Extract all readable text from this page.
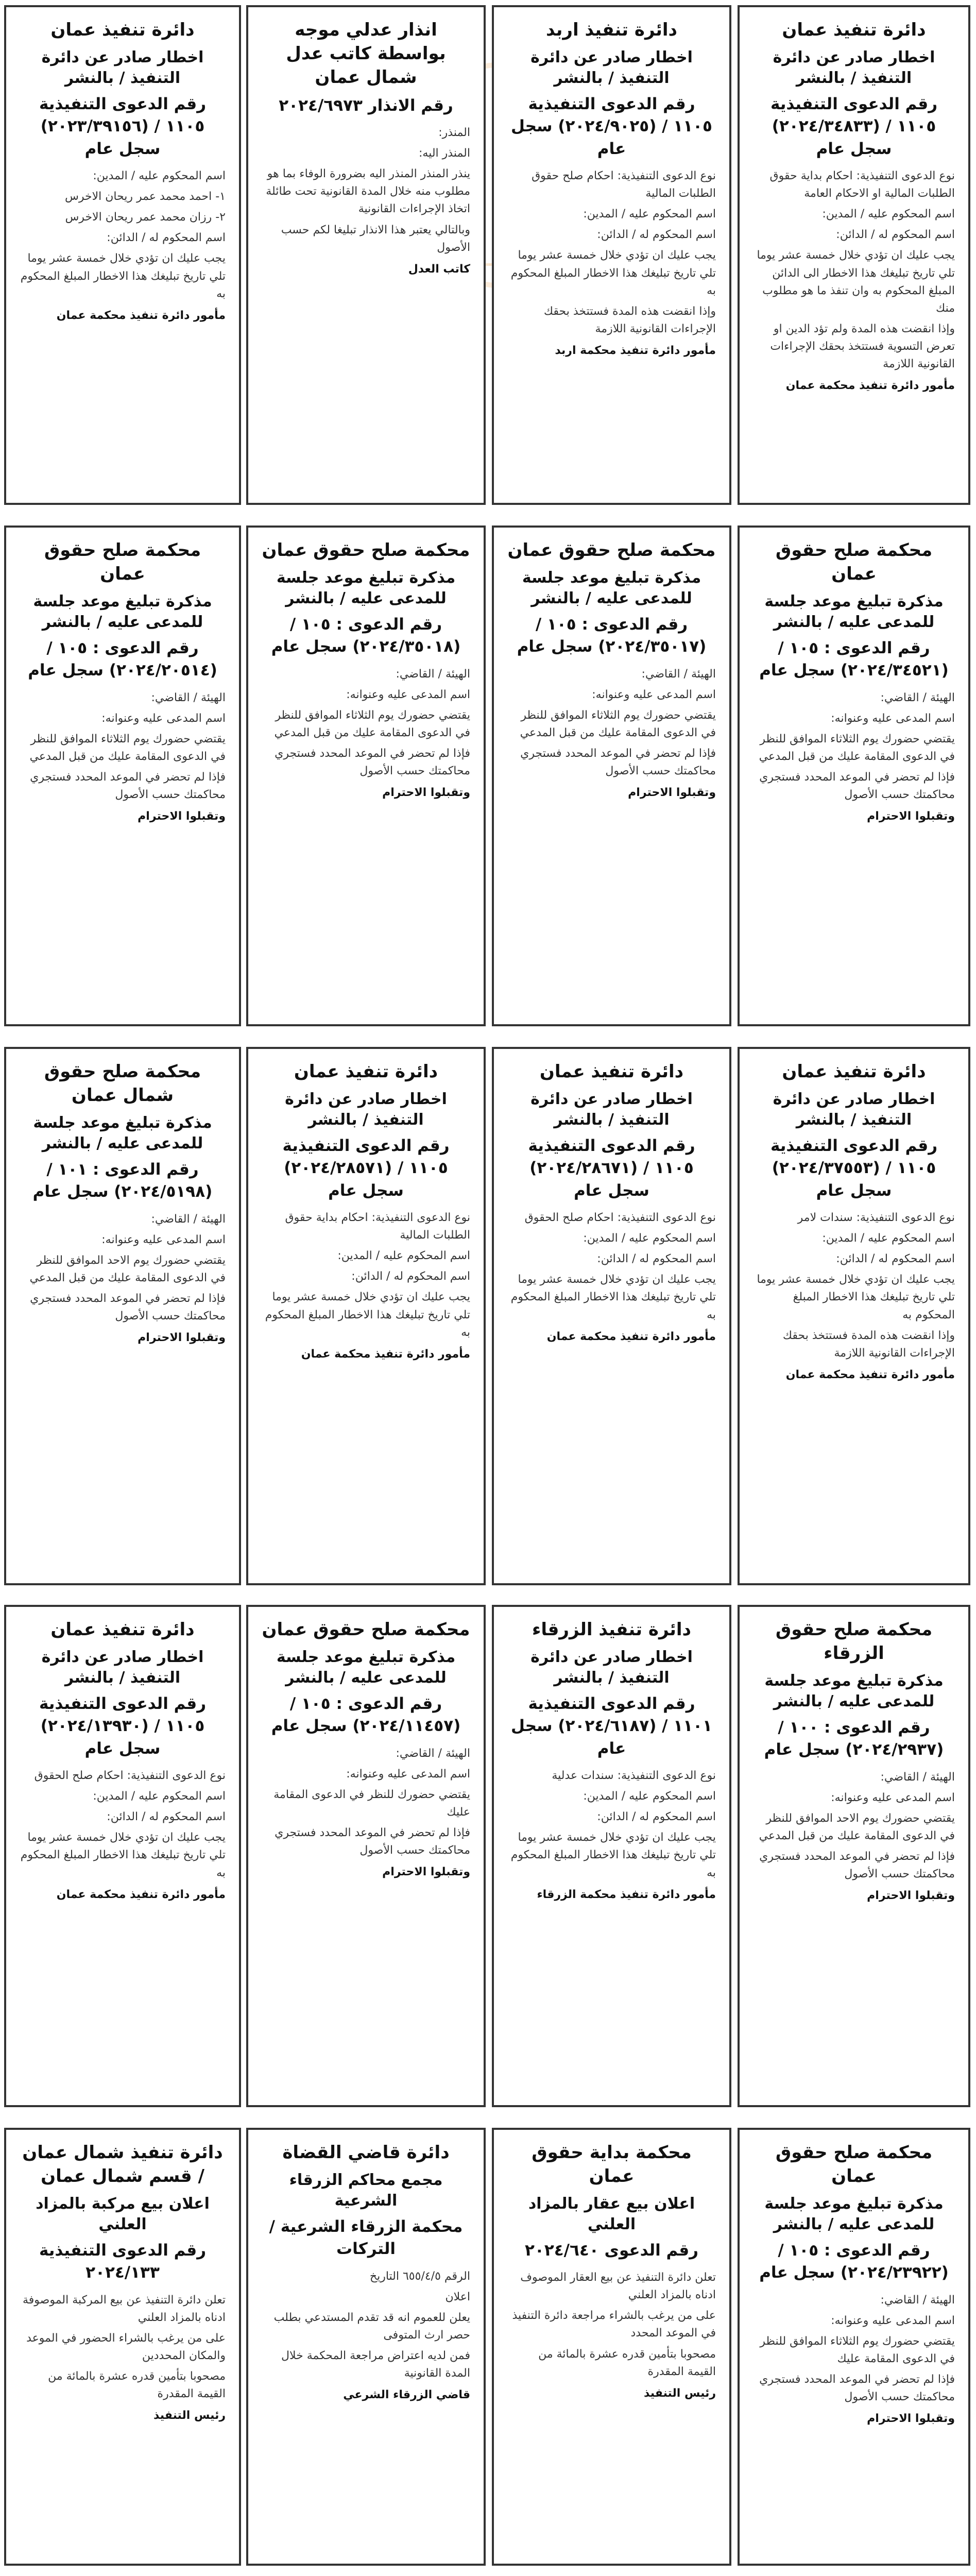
دائرة تنفيذ عمان
اخطار صادر عن دائرة التنفيذ / بالنشر
رقم الدعوى التنفيذية ١١٠٥ / (٢٠٢٤/٣٤٨٣٣) سجل عام

نوع الدعوى التنفيذية: احكام بداية حقوق الطلبات المالية او الاحكام العامة

اسم المحكوم عليه / المدين:

اسم المحكوم له / الدائن:

يجب عليك ان تؤدي خلال خمسة عشر يوما تلي تاريخ تبليغك هذا الاخطار الى الدائن المبلغ المحكوم به وان تنفذ ما هو مطلوب منك

وإذا انقضت هذه المدة ولم تؤد الدين او تعرض التسوية فستتخذ بحقك الإجراءات القانونية اللازمة

مأمور دائرة تنفيذ محكمة عمان
دائرة تنفيذ اربد
اخطار صادر عن دائرة التنفيذ / بالنشر
رقم الدعوى التنفيذية ١١٠٥ / (٢٠٢٤/٩٠٢٥) سجل عام

نوع الدعوى التنفيذية: احكام صلح حقوق الطلبات المالية

اسم المحكوم عليه / المدين:

اسم المحكوم له / الدائن:

يجب عليك ان تؤدي خلال خمسة عشر يوما تلي تاريخ تبليغك هذا الاخطار المبلغ المحكوم به

وإذا انقضت هذه المدة فستتخذ بحقك الإجراءات القانونية اللازمة

مأمور دائرة تنفيذ محكمة اربد
انذار عدلي موجه بواسطة كاتب عدل شمال عمان
رقم الانذار ٢٠٢٤/٦٩٧٣

المنذر:

المنذر اليه:

ينذر المنذر المنذر اليه بضرورة الوفاء بما هو مطلوب منه خلال المدة القانونية تحت طائلة اتخاذ الإجراءات القانونية

وبالتالي يعتبر هذا الانذار تبليغا لكم حسب الأصول

كاتب العدل
دائرة تنفيذ عمان
اخطار صادر عن دائرة التنفيذ / بالنشر
رقم الدعوى التنفيذية ١١٠٥ / (٢٠٢٣/٣٩١٥٦) سجل عام

اسم المحكوم عليه / المدين:

١- احمد محمد عمر ريحان الاخرس

٢- رزان محمد عمر ريحان الاخرس

اسم المحكوم له / الدائن:

يجب عليك ان تؤدي خلال خمسة عشر يوما تلي تاريخ تبليغك هذا الاخطار المبلغ المحكوم به

مأمور دائرة تنفيذ محكمة عمان
محكمة صلح حقوق عمان
مذكرة تبليغ موعد جلسة للمدعى عليه / بالنشر
رقم الدعوى : ١٠٥ / (٢٠٢٤/٣٤٥٢١) سجل عام

الهيئة / القاضي:

اسم المدعى عليه وعنوانه:

يقتضي حضورك يوم الثلاثاء الموافق للنظر في الدعوى المقامة عليك من قبل المدعي

فإذا لم تحضر في الموعد المحدد فستجري محاكمتك حسب الأصول

وتقبلوا الاحترام
محكمة صلح حقوق عمان
مذكرة تبليغ موعد جلسة للمدعى عليه / بالنشر
رقم الدعوى : ١٠٥ / (٢٠٢٤/٣٥٠١٧) سجل عام

الهيئة / القاضي:

اسم المدعى عليه وعنوانه:

يقتضي حضورك يوم الثلاثاء الموافق للنظر في الدعوى المقامة عليك من قبل المدعي

فإذا لم تحضر في الموعد المحدد فستجري محاكمتك حسب الأصول

وتقبلوا الاحترام
محكمة صلح حقوق عمان
مذكرة تبليغ موعد جلسة للمدعى عليه / بالنشر
رقم الدعوى : ١٠٥ / (٢٠٢٤/٣٥٠١٨) سجل عام

الهيئة / القاضي:

اسم المدعى عليه وعنوانه:

يقتضي حضورك يوم الثلاثاء الموافق للنظر في الدعوى المقامة عليك من قبل المدعي

فإذا لم تحضر في الموعد المحدد فستجري محاكمتك حسب الأصول

وتقبلوا الاحترام
محكمة صلح حقوق عمان
مذكرة تبليغ موعد جلسة للمدعى عليه / بالنشر
رقم الدعوى : ١٠٥ / (٢٠٢٤/٢٠٥١٤) سجل عام

الهيئة / القاضي:

اسم المدعى عليه وعنوانه:

يقتضي حضورك يوم الثلاثاء الموافق للنظر في الدعوى المقامة عليك من قبل المدعي

فإذا لم تحضر في الموعد المحدد فستجري محاكمتك حسب الأصول

وتقبلوا الاحترام
دائرة تنفيذ عمان
اخطار صادر عن دائرة التنفيذ / بالنشر
رقم الدعوى التنفيذية ١١٠٥ / (٢٠٢٤/٣٧٥٥٣) سجل عام

نوع الدعوى التنفيذية: سندات لامر

اسم المحكوم عليه / المدين:

اسم المحكوم له / الدائن:

يجب عليك ان تؤدي خلال خمسة عشر يوما تلي تاريخ تبليغك هذا الاخطار المبلغ المحكوم به

وإذا انقضت هذه المدة فستتخذ بحقك الإجراءات القانونية اللازمة

مأمور دائرة تنفيذ محكمة عمان
دائرة تنفيذ عمان
اخطار صادر عن دائرة التنفيذ / بالنشر
رقم الدعوى التنفيذية ١١٠٥ / (٢٠٢٤/٢٨٦٧١) سجل عام

نوع الدعوى التنفيذية: احكام صلح الحقوق

اسم المحكوم عليه / المدين:

اسم المحكوم له / الدائن:

يجب عليك ان تؤدي خلال خمسة عشر يوما تلي تاريخ تبليغك هذا الاخطار المبلغ المحكوم به

مأمور دائرة تنفيذ محكمة عمان
دائرة تنفيذ عمان
اخطار صادر عن دائرة التنفيذ / بالنشر
رقم الدعوى التنفيذية ١١٠٥ / (٢٠٢٤/٢٨٥٧١) سجل عام

نوع الدعوى التنفيذية: احكام بداية حقوق الطلبات المالية

اسم المحكوم عليه / المدين:

اسم المحكوم له / الدائن:

يجب عليك ان تؤدي خلال خمسة عشر يوما تلي تاريخ تبليغك هذا الاخطار المبلغ المحكوم به

مأمور دائرة تنفيذ محكمة عمان
محكمة صلح حقوق شمال عمان
مذكرة تبليغ موعد جلسة للمدعى عليه / بالنشر
رقم الدعوى : ١٠١ / (٢٠٢٤/٥١٩٨) سجل عام

الهيئة / القاضي:

اسم المدعى عليه وعنوانه:

يقتضي حضورك يوم الاحد الموافق للنظر في الدعوى المقامة عليك من قبل المدعي

فإذا لم تحضر في الموعد المحدد فستجري محاكمتك حسب الأصول

وتقبلوا الاحترام
محكمة صلح حقوق الزرقاء
مذكرة تبليغ موعد جلسة للمدعى عليه / بالنشر
رقم الدعوى : ١٠٠ / (٢٠٢٤/٢٩٣٧) سجل عام

الهيئة / القاضي:

اسم المدعى عليه وعنوانه:

يقتضي حضورك يوم الاحد الموافق للنظر في الدعوى المقامة عليك من قبل المدعي

فإذا لم تحضر في الموعد المحدد فستجري محاكمتك حسب الأصول

وتقبلوا الاحترام
دائرة تنفيذ الزرقاء
اخطار صادر عن دائرة التنفيذ / بالنشر
رقم الدعوى التنفيذية ١١٠١ / (٢٠٢٤/٦١٨٧) سجل عام

نوع الدعوى التنفيذية: سندات عدلية

اسم المحكوم عليه / المدين:

اسم المحكوم له / الدائن:

يجب عليك ان تؤدي خلال خمسة عشر يوما تلي تاريخ تبليغك هذا الاخطار المبلغ المحكوم به

مأمور دائرة تنفيذ محكمة الزرقاء
محكمة صلح حقوق عمان
مذكرة تبليغ موعد جلسة للمدعى عليه / بالنشر
رقم الدعوى : ١٠٥ / (٢٠٢٤/١١٤٥٧) سجل عام

الهيئة / القاضي:

اسم المدعى عليه وعنوانه:

يقتضي حضورك للنظر في الدعوى المقامة عليك

فإذا لم تحضر في الموعد المحدد فستجري محاكمتك حسب الأصول

وتقبلوا الاحترام
دائرة تنفيذ عمان
اخطار صادر عن دائرة التنفيذ / بالنشر
رقم الدعوى التنفيذية ١١٠٥ / (٢٠٢٤/١٣٩٣٠) سجل عام

نوع الدعوى التنفيذية: احكام صلح الحقوق

اسم المحكوم عليه / المدين:

اسم المحكوم له / الدائن:

يجب عليك ان تؤدي خلال خمسة عشر يوما تلي تاريخ تبليغك هذا الاخطار المبلغ المحكوم به

مأمور دائرة تنفيذ محكمة عمان
محكمة صلح حقوق عمان
مذكرة تبليغ موعد جلسة للمدعى عليه / بالنشر
رقم الدعوى : ١٠٥ / (٢٠٢٤/٢٣٩٢٢) سجل عام

الهيئة / القاضي:

اسم المدعى عليه وعنوانه:

يقتضي حضورك يوم الثلاثاء الموافق للنظر في الدعوى المقامة عليك

فإذا لم تحضر في الموعد المحدد فستجري محاكمتك حسب الأصول

وتقبلوا الاحترام
محكمة بداية حقوق عمان
اعلان بيع عقار بالمزاد العلني
رقم الدعوى ٢٠٢٤/٦٤٠

تعلن دائرة التنفيذ عن بيع العقار الموصوف ادناه بالمزاد العلني

على من يرغب بالشراء مراجعة دائرة التنفيذ في الموعد المحدد

مصحوبا بتأمين قدره عشرة بالمائة من القيمة المقدرة

رئيس التنفيذ
دائرة قاضي القضاة
مجمع محاكم الزرقاء الشرعية
محكمة الزرقاء الشرعية / التركات

الرقم ٦٥٥/٤/٥ التاريخ

اعلان

يعلن للعموم انه قد تقدم المستدعي بطلب حصر ارث المتوفى

فمن لديه اعتراض مراجعة المحكمة خلال المدة القانونية

قاضي الزرقاء الشرعي
دائرة تنفيذ شمال عمان / قسم شمال عمان
اعلان بيع مركبة بالمزاد العلني
رقم الدعوى التنفيذية ٢٠٢٤/١٣٣

تعلن دائرة التنفيذ عن بيع المركبة الموصوفة ادناه بالمزاد العلني

على من يرغب بالشراء الحضور في الموعد والمكان المحددين

مصحوبا بتأمين قدره عشرة بالمائة من القيمة المقدرة

رئيس التنفيذ
